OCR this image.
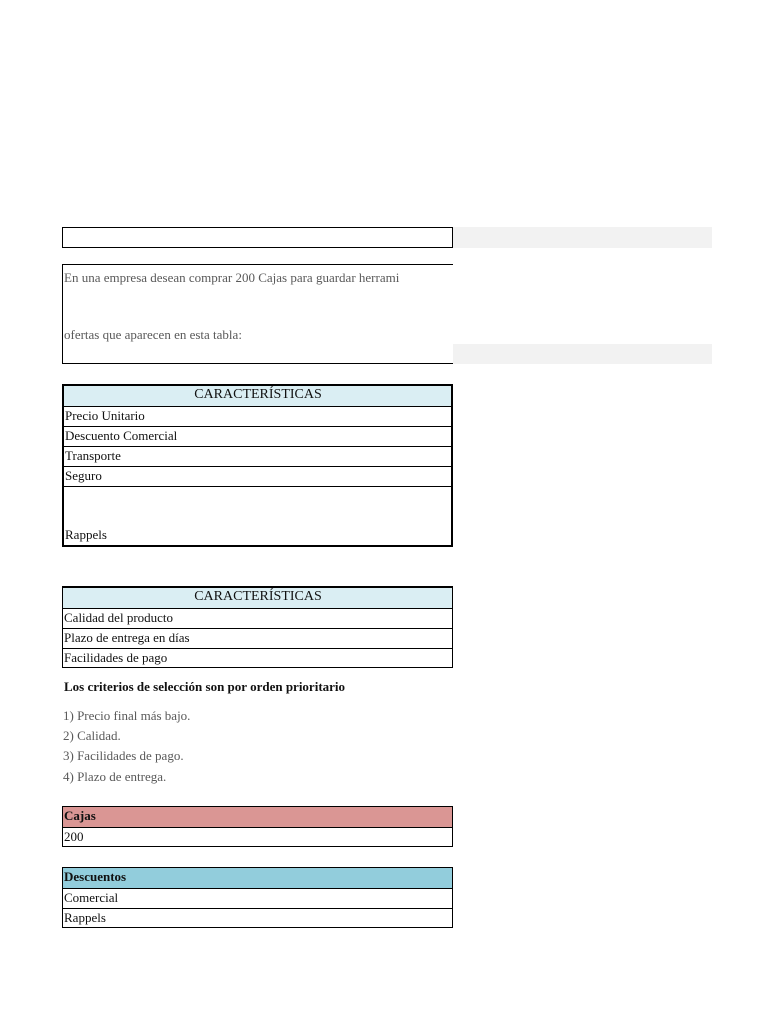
En una empresa desean comprar 200 Cajas para guardar herrami
ofertas que aparecen en esta tabla:
CARACTERÍSTICAS
Precio Unitario
Descuento Comercial
Transporte
Seguro
Rappels
CARACTERÍSTICAS
Calidad del producto
Plazo de entrega en días
Facilidades de pago
Los criterios de selección son por orden prioritario
1) Precio final más bajo.
2) Calidad.
3) Facilidades de pago.
4) Plazo de entrega.
Cajas
200
Descuentos
Comercial
Rappels
